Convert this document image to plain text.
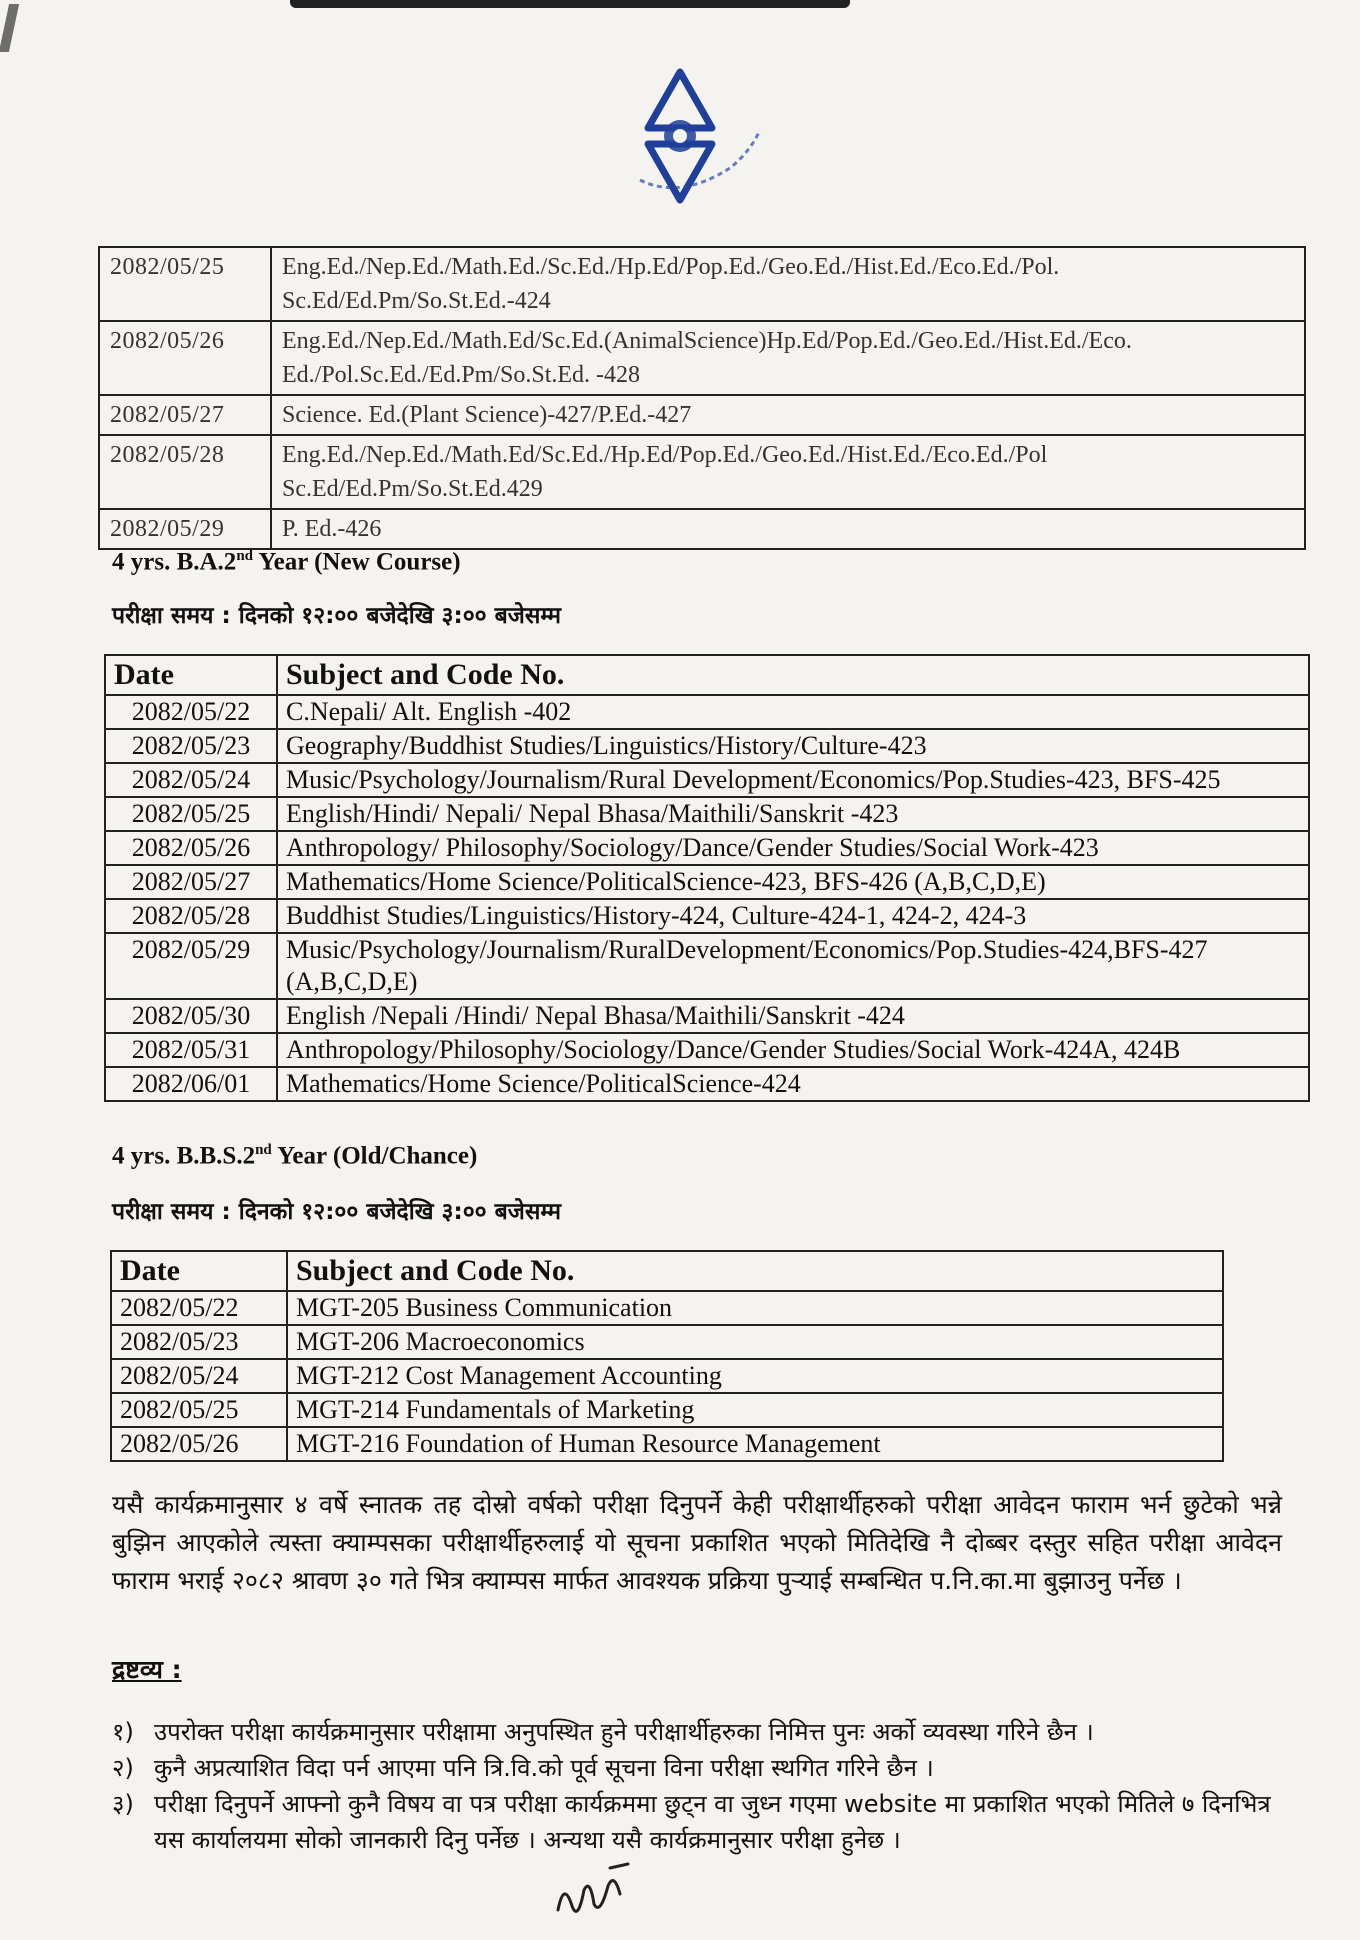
2082/05/25	Eng.Ed./Nep.Ed./Math.Ed./Sc.Ed./Hp.Ed/Pop.Ed./Geo.Ed./Hist.Ed./Eco.Ed./Pol. Sc.Ed/Ed.Pm/So.St.Ed.-424
2082/05/26	Eng.Ed./Nep.Ed./Math.Ed/Sc.Ed.(AnimalScience)Hp.Ed/Pop.Ed./Geo.Ed./Hist.Ed./Eco. Ed./Pol.Sc.Ed./Ed.Pm/So.St.Ed. -428
2082/05/27	Science. Ed.(Plant Science)-427/P.Ed.-427
2082/05/28	Eng.Ed./Nep.Ed./Math.Ed/Sc.Ed./Hp.Ed/Pop.Ed./Geo.Ed./Hist.Ed./Eco.Ed./Pol Sc.Ed/Ed.Pm/So.St.Ed.429
2082/05/29	P. Ed.-426
4 yrs. B.A.2nd Year (New Course)
परीक्षा समय : दिनको १२:०० बजेदेखि ३:०० बजेसम्म
Date	Subject and Code No.
2082/05/22	C.Nepali/ Alt. English -402
2082/05/23	Geography/Buddhist Studies/Linguistics/History/Culture-423
2082/05/24	Music/Psychology/Journalism/Rural Development/Economics/Pop.Studies-423, BFS-425
2082/05/25	English/Hindi/ Nepali/ Nepal Bhasa/Maithili/Sanskrit -423
2082/05/26	Anthropology/ Philosophy/Sociology/Dance/Gender Studies/Social Work-423
2082/05/27	Mathematics/Home Science/PoliticalScience-423, BFS-426 (A,B,C,D,E)
2082/05/28	Buddhist Studies/Linguistics/History-424, Culture-424-1, 424-2, 424-3
2082/05/29	Music/Psychology/Journalism/RuralDevelopment/Economics/Pop.Studies-424,BFS-427 (A,B,C,D,E)
2082/05/30	English /Nepali /Hindi/ Nepal Bhasa/Maithili/Sanskrit -424
2082/05/31	Anthropology/Philosophy/Sociology/Dance/Gender Studies/Social Work-424A, 424B
2082/06/01	Mathematics/Home Science/PoliticalScience-424
4 yrs. B.B.S.2nd Year (Old/Chance)
परीक्षा समय : दिनको १२:०० बजेदेखि ३:०० बजेसम्म
Date	Subject and Code No.
2082/05/22	MGT-205 Business Communication
2082/05/23	MGT-206 Macroeconomics
2082/05/24	MGT-212 Cost Management Accounting
2082/05/25	MGT-214 Fundamentals of Marketing
2082/05/26	MGT-216 Foundation of Human Resource Management
यसै कार्यक्रमानुसार ४ वर्षे स्नातक तह दोस्रो वर्षको परीक्षा दिनुपर्ने केही परीक्षार्थीहरुको परीक्षा आवेदन फाराम भर्न छुटेको भन्ने बुझिन आएकोले त्यस्ता क्याम्पसका परीक्षार्थीहरुलाई यो सूचना प्रकाशित भएको मितिदेखि नै दोब्बर दस्तुर सहित परीक्षा आवेदन फाराम भराई २०८२ श्रावण ३० गते भित्र क्याम्पस मार्फत आवश्यक प्रक्रिया पुऱ्याई सम्बन्धित प.नि.का.मा बुझाउनु पर्नेछ ।
द्रष्टव्य :
१) उपरोक्त परीक्षा कार्यक्रमानुसार परीक्षामा अनुपस्थित हुने परीक्षार्थीहरुका निमित्त पुनः अर्को व्यवस्था गरिने छैन ।
२) कुनै अप्रत्याशित विदा पर्न आएमा पनि त्रि.वि.को पूर्व सूचना विना परीक्षा स्थगित गरिने छैन ।
३) परीक्षा दिनुपर्ने आफ्नो कुनै विषय वा पत्र परीक्षा कार्यक्रममा छुट्न वा जुध्न गएमा website मा प्रकाशित भएको मितिले ७ दिनभित्र यस कार्यालयमा सोको जानकारी दिनु पर्नेछ । अन्यथा यसै कार्यक्रमानुसार परीक्षा हुनेछ ।
